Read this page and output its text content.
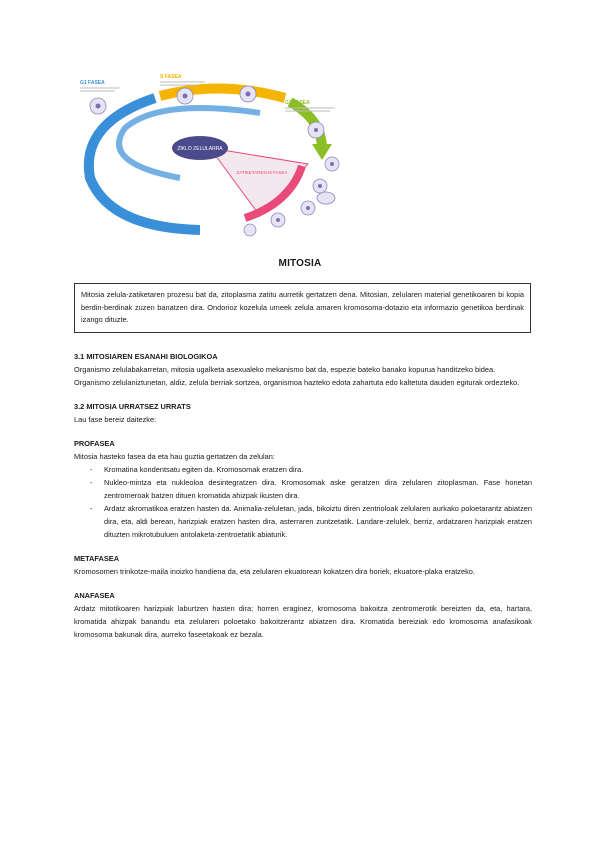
ZIKLO ZELULARRA
ZATIKETAREN M FASEA
G1 FASEA
S FASEA
G2 FASEA
MITOSIA
Mitosia zelula-zatiketaren prozesu bat da, zitoplasma zatitu aurretik gertatzen dena. Mitosian, zelularen material genetikoaren bi kopia berdin-berdinak zuzen banatzen dira. Ondorioz kozelula umeek zelula amaren kromosoma-dotazio eta informazio genetikoa berdinak izango dituzte.

3.1 MITOSIAREN ESANAHI BIOLOGIKOA

Organismo zelulabakarretan, mitosia ugalketa asexualeko mekanismo bat da, espezie bateko banako kopurua handitzeko bidea.

Organismo zelulaniztunetan, aldiz, zelula berriak sortzea, organismoa hazteko edota zahartuta edo kaltetuta dauden egiturak ordezteko.

3.2 MITOSIA URRATSEZ URRATS

Lau fase bereiz daitezke:

PROFASEA

Mitosia hasteko fasea da eta hau guztia gertatzen da zelulan:

- Kromatina kondentsatu egiten da. Kromosomak eratzen dira.
- Nukleo-mintza eta nukleoloa desintegratzen dira. Kromosomak aske geratzen dira zelularen zitoplasman. Fase honetan zentromeroak batzen dituen kromatida ahizpak ikusten dira.
- Ardatz akromatikoa eratzen hasten da. Animalia-zeluletan, jada, bikoiztu diren zentrioloak zelularen aurkako poloetarantz abiatzen dira, eta, aldi berean, harizpiak eratzen hasten dira, asterraren zuntzetatik. Landare-zelulek, berriz, ardatzaren harizpiak eratzen dituzten mikrotubuluen antolaketa-zentroetatik abiaturik.

METAFASEA

Kromosomen trinkotze-maila inoizko handiena da, eta zelularen ekuatorean kokatzen dira horiek, ekuatore-plaka eratzeko.

ANAFASEA

Ardatz mitotikoaren harizpiak laburtzen hasten dira; horren eraginez, kromosoma bakoitza zentromerotik bereizten da, eta, hartara, kromatida ahizpak banandu eta zelularen poloetako bakoitzerantz abiatzen dira. Kromatida bereiziak edo kromosoma anafasikoak kromosoma bakunak dira, aurreko faseetakoak ez bezala.
